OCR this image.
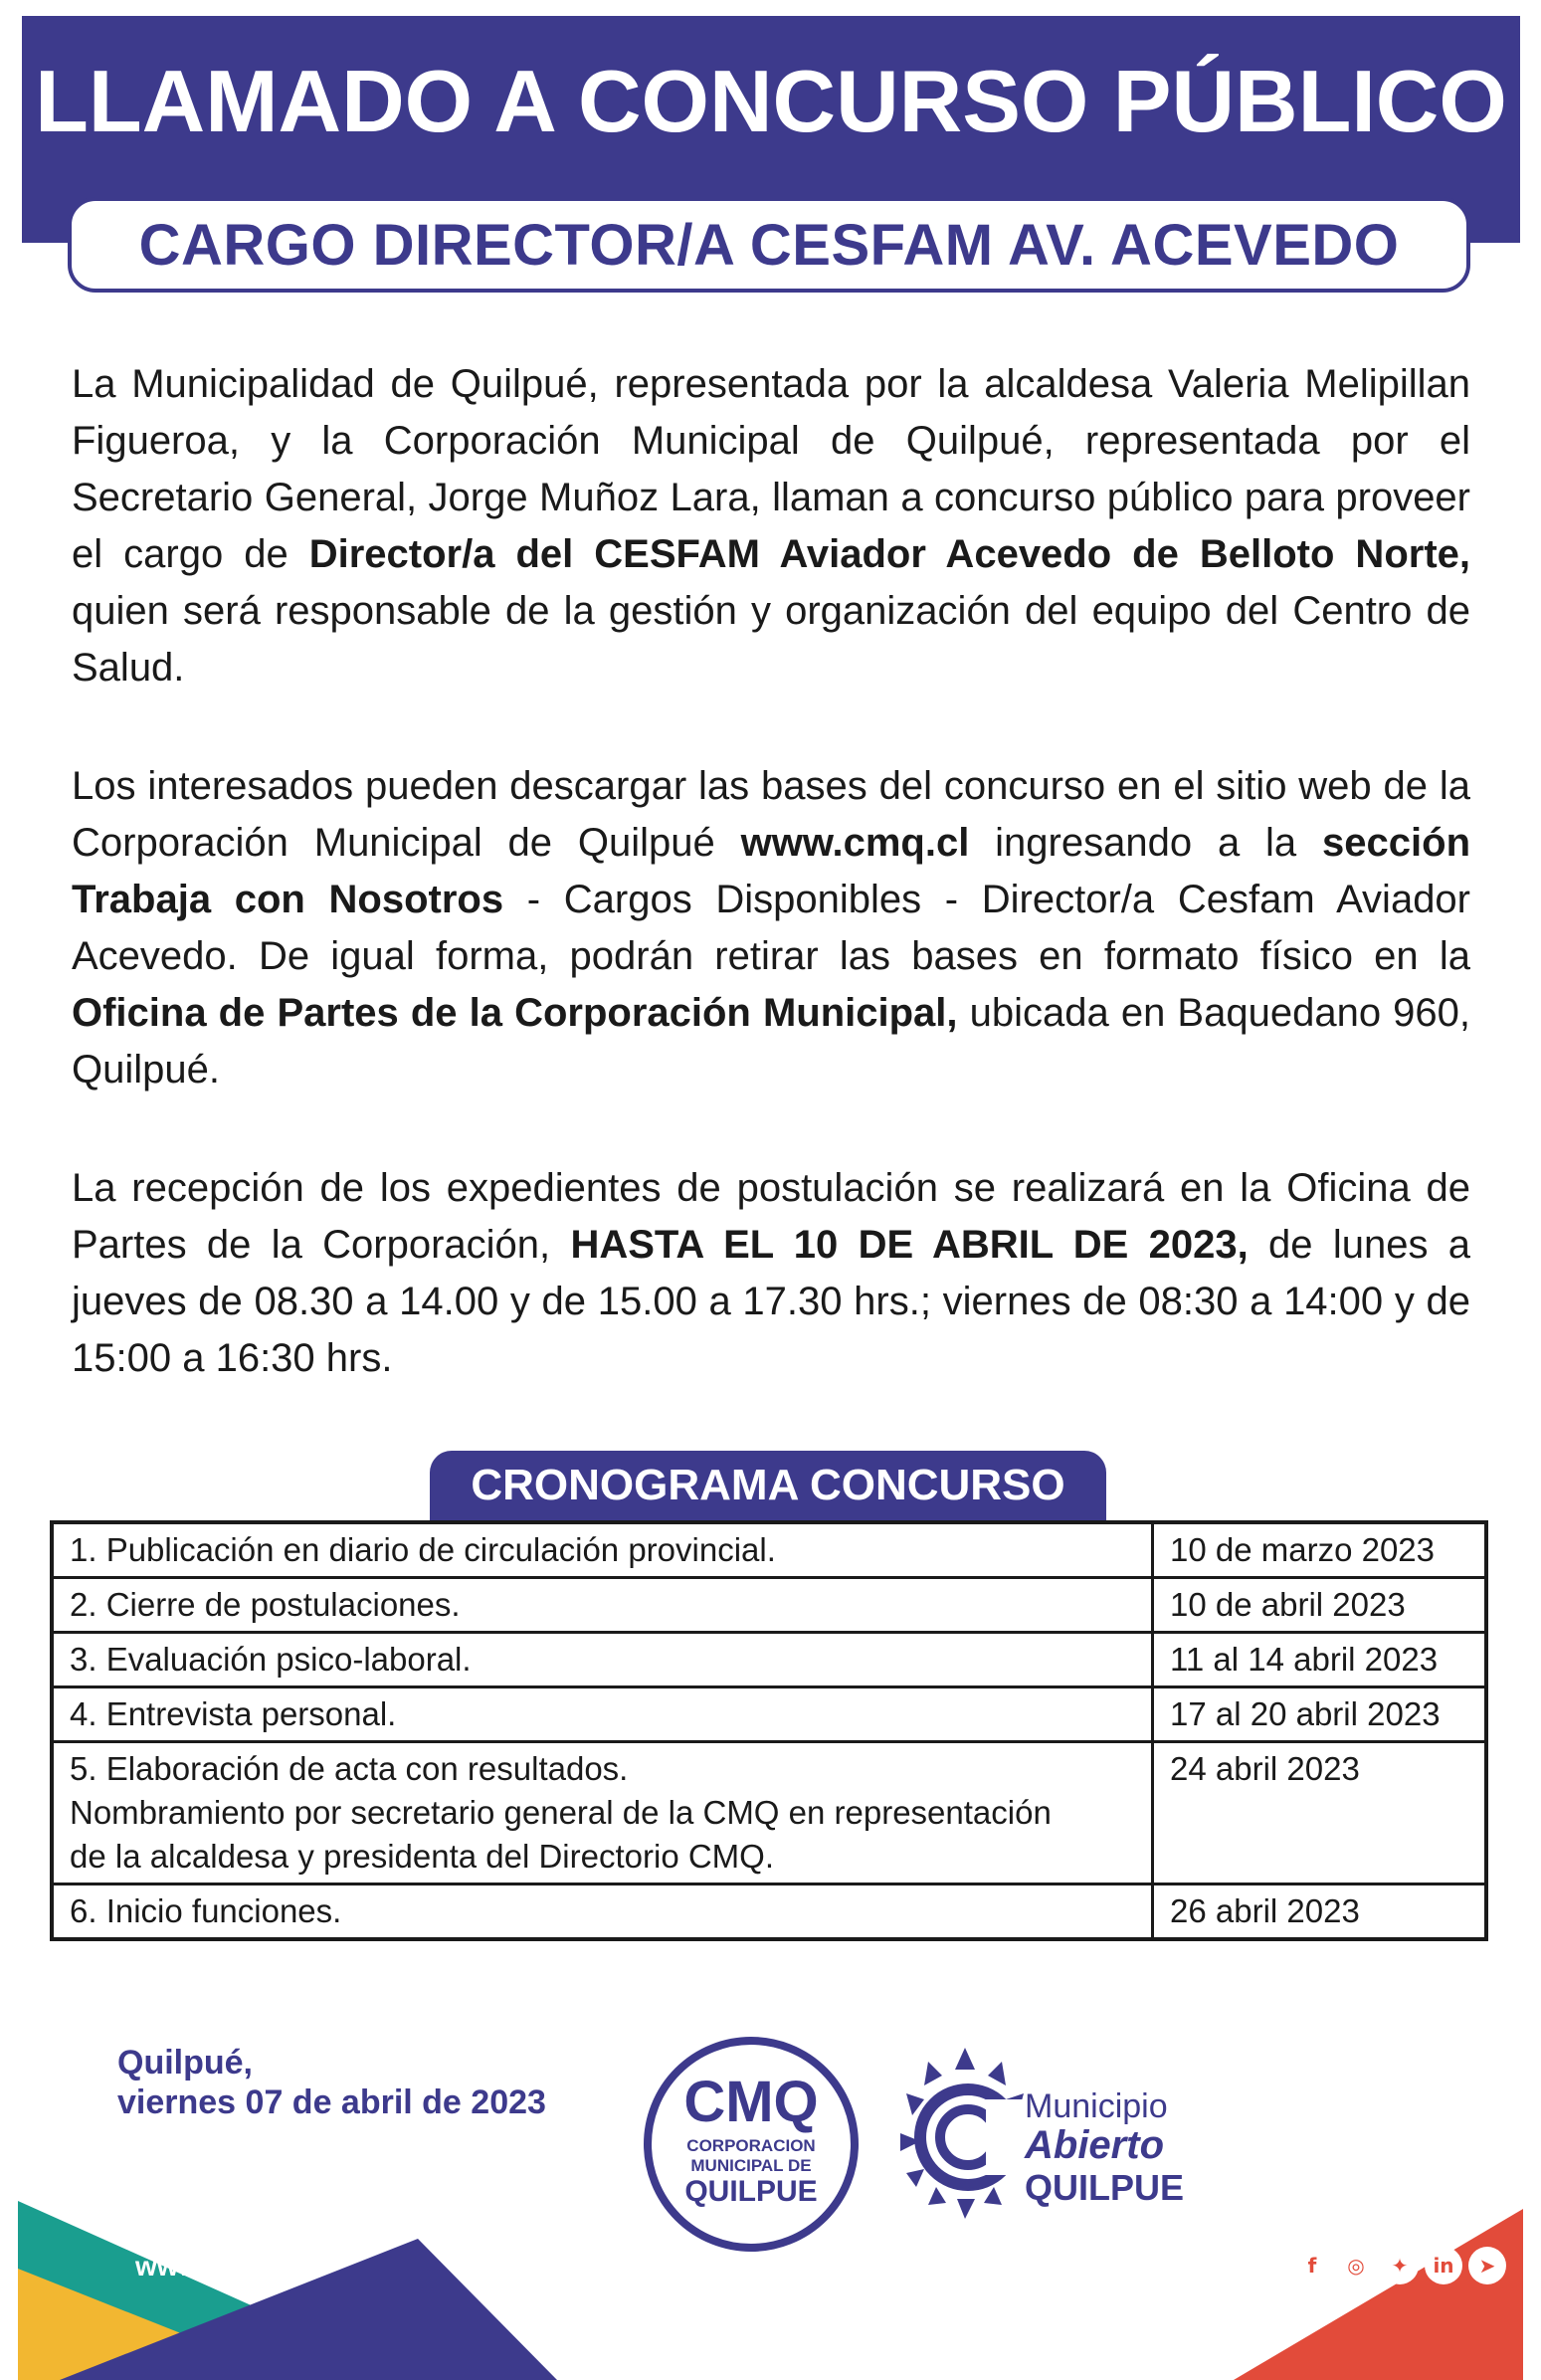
LLAMADO A CONCURSO PÚBLICO
CARGO DIRECTOR/A CESFAM AV. ACEVEDO
La Municipalidad de Quilpué, representada por la alcaldesa Valeria Melipillan Figueroa, y la Corporación Municipal de Quilpué, representada por el Secretario General, Jorge Muñoz Lara, llaman a concurso público para proveer el cargo de Director/a del CESFAM Aviador Acevedo de Belloto Norte, quien será responsable de la gestión y organización del equipo del Centro de Salud.
Los interesados pueden descargar las bases del concurso en el sitio web de la Corporación Municipal de Quilpué www.cmq.cl ingresando a la sección Trabaja con Nosotros - Cargos Disponibles - Director/a Cesfam Aviador Acevedo. De igual forma, podrán retirar las bases en formato físico en la Oficina de Partes de la Corporación Municipal, ubicada en Baquedano 960, Quilpué.
La recepción de los expedientes de postulación se realizará en la Oficina de Partes de la Corporación, HASTA EL 10 DE ABRIL DE 2023, de lunes a jueves de 08.30 a 14.00 y de 15.00 a 17.30 hrs.; viernes de 08:30 a 14:00 y de 15:00 a 16:30 hrs.
CRONOGRAMA CONCURSO
1. Publicación en diario de circulación provincial.	10 de marzo 2023

2. Cierre de postulaciones.	10 de abril 2023

3. Evaluación psico-laboral.	11 al 14 abril 2023

4. Entrevista personal.	17 al 20 abril 2023

5. Elaboración de acta con resultados.
Nombramiento por secretario general de la CMQ en representación
de la alcaldesa y presidenta del Directorio CMQ.	24 abril 2023

6. Inicio funciones.	26 abril 2023
Quilpué,
viernes 07 de abril de 2023
www.cmq.cl
CMQ
CORPORACION
MUNICIPAL DE
QUILPUE
Municipio
Abierto
QUILPUE
f	◎	✦	in	➤
